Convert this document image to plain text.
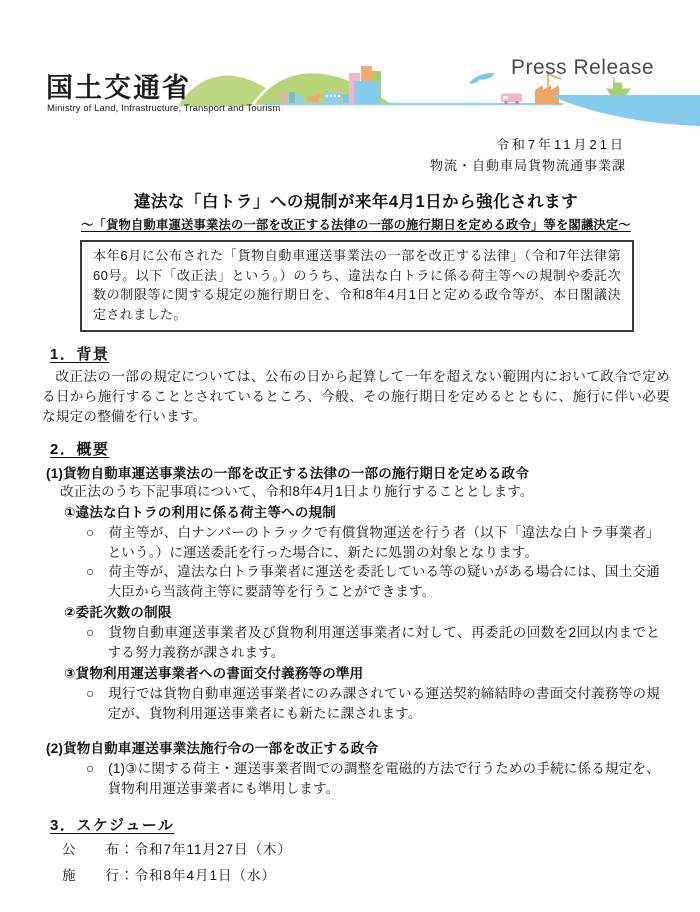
国土交通省
Ministry of Land, Infrastructure, Transport and Tourism
Press Release
令和7年11月21日
物流・自動車局貨物流通事業課
違法な「白トラ」への規制が来年4月1日から強化されます
～「貨物自動車運送事業法の一部を改正する法律の一部の施行期日を定める政令」等を閣議決定～
本年6月に公布された「貨物自動車運送事業法の一部を改正する法律」（令和7年法律第60号。以下「改正法」という。）のうち、違法な白トラに係る荷主等への規制や委託次数の制限等に関する規定の施行期日を、令和8年4月1日と定める政令等が、本日閣議決定されました。
1．背景

改正法の一部の規定については、公布の日から起算して一年を超えない範囲内において政令で定める日から施行することとされているところ、今般、その施行期日を定めるとともに、施行に伴い必要な規定の整備を行います。

2．概要
(1)貨物自動車運送事業法の一部を改正する法律の一部の施行期日を定める政令
改正法のうち下記事項について、令和8年4月1日より施行することとします。
①違法な白トラの利用に係る荷主等への規制
○　荷主等が、白ナンバーのトラックで有償貨物運送を行う者（以下「違法な白トラ事業者」という。）に運送委託を行った場合に、新たに処罰の対象となります。
○　荷主等が、違法な白トラ事業者に運送を委託している等の疑いがある場合には、国土交通大臣から当該荷主等に要請等を行うことができます。
②委託次数の制限
○　貨物自動車運送事業者及び貨物利用運送事業者に対して、再委託の回数を2回以内までとする努力義務が課されます。
③貨物利用運送事業者への書面交付義務等の準用
○　現行では貨物自動車運送事業者にのみ課されている運送契約締結時の書面交付義務等の規定が、貨物利用運送事業者にも新たに課されます。
(2)貨物自動車運送事業法施行令の一部を改正する政令
○　(1)③に関する荷主・運送事業者間での調整を電磁的方法で行うための手続に係る規定を、貨物利用運送事業者にも準用します。
3．スケジュール
公　　布：令和7年11月27日（木）
施　　行：令和8年4月1日（水）
